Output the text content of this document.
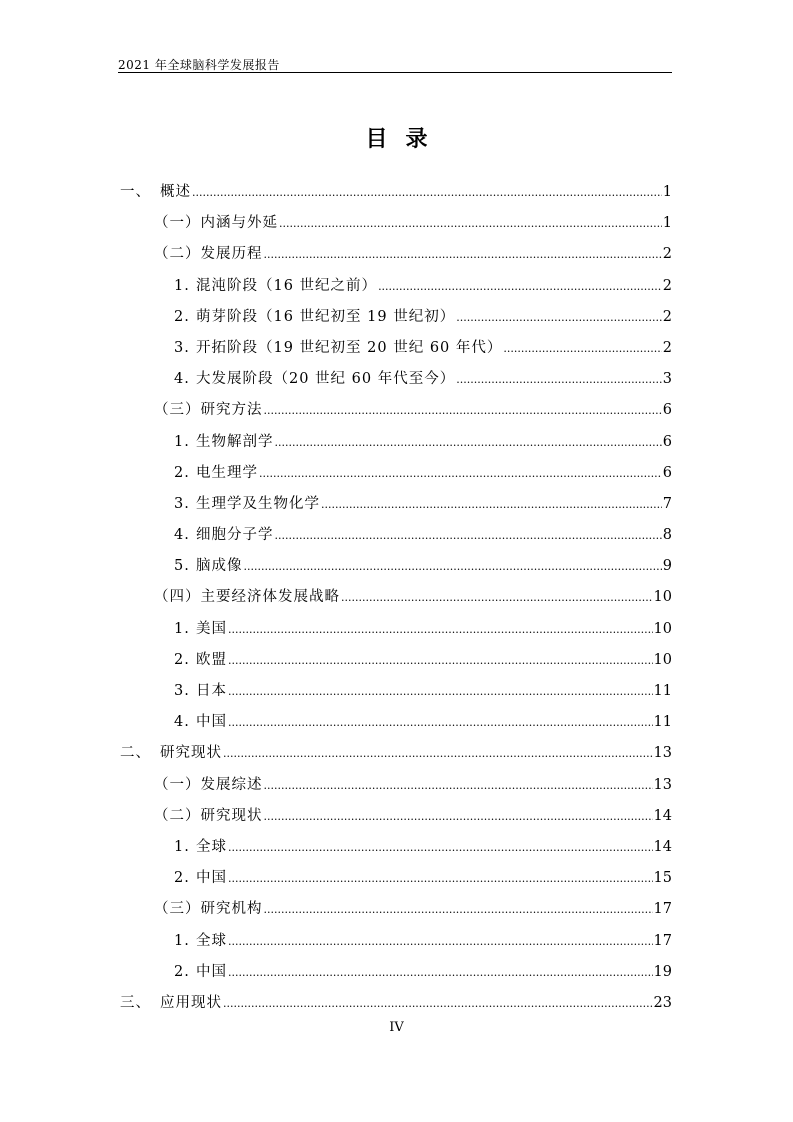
2021 年全球脑科学发展报告
目录
一、 概述 .....	1
（一）内涵与外延 .....	1
（二）发展历程 .....	2
1. 混沌阶段（16 世纪之前） .....	2
2. 萌芽阶段（16 世纪初至 19 世纪初） .....	2
3. 开拓阶段（19 世纪初至 20 世纪 60 年代） .....	2
4. 大发展阶段（20 世纪 60 年代至今） .....	3
（三）研究方法 .....	6
1. 生物解剖学 .....	6
2. 电生理学 .....	6
3. 生理学及生物化学 .....	7
4. 细胞分子学 .....	8
5. 脑成像 .....	9
（四）主要经济体发展战略 .....	10
1. 美国 .....	10
2. 欧盟 .....	10
3. 日本 .....	11
4. 中国 .....	11
二、 研究现状 .....	13
（一）发展综述 .....	13
（二）研究现状 .....	14
1. 全球 .....	14
2. 中国 .....	15
（三）研究机构 .....	17
1. 全球 .....	17
2. 中国 .....	19
三、 应用现状 .....	23
IV
